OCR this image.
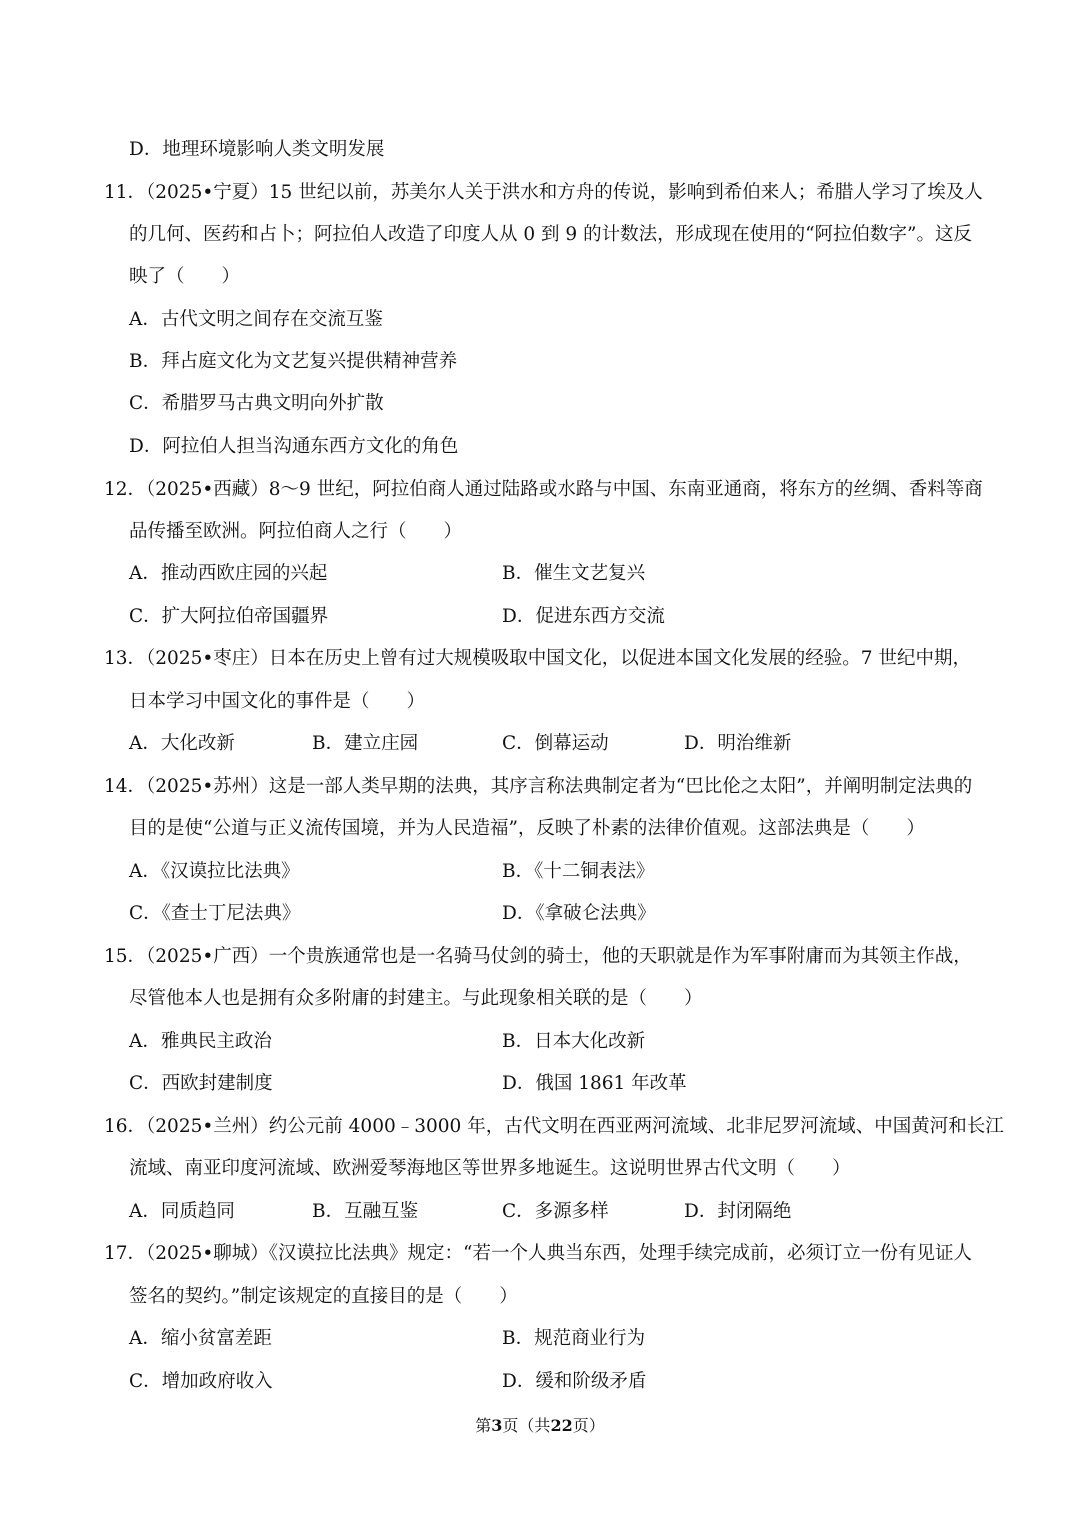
D．地理环境影响人类文明发展
11．（2025•宁夏）15 世纪以前，苏美尔人关于洪水和方舟的传说，影响到希伯来人；希腊人学习了埃及人
的几何、医药和占卜；阿拉伯人改造了印度人从 0 到 9 的计数法，形成现在使用的“阿拉伯数字”。这反
映了（　　）
A．古代文明之间存在交流互鉴
B．拜占庭文化为文艺复兴提供精神营养
C．希腊罗马古典文明向外扩散
D．阿拉伯人担当沟通东西方文化的角色
12．（2025•西藏）8～9 世纪，阿拉伯商人通过陆路或水路与中国、东南亚通商，将东方的丝绸、香料等商
品传播至欧洲。阿拉伯商人之行（　　）
A．推动西欧庄园的兴起	B．催生文艺复兴
C．扩大阿拉伯帝国疆界	D．促进东西方交流
13．（2025•枣庄）日本在历史上曾有过大规模吸取中国文化，以促进本国文化发展的经验。7 世纪中期，
日本学习中国文化的事件是（　　）
A．大化改新	B．建立庄园	C．倒幕运动	D．明治维新
14．（2025•苏州）这是一部人类早期的法典，其序言称法典制定者为“巴比伦之太阳”，并阐明制定法典的
目的是使“公道与正义流传国境，并为人民造福”，反映了朴素的法律价值观。这部法典是（　　）
A．《汉谟拉比法典》	B．《十二铜表法》
C．《查士丁尼法典》	D．《拿破仑法典》
15．（2025•广西）一个贵族通常也是一名骑马仗剑的骑士，他的天职就是作为军事附庸而为其领主作战，
尽管他本人也是拥有众多附庸的封建主。与此现象相关联的是（　　）
A．雅典民主政治	B．日本大化改新
C．西欧封建制度	D．俄国 1861 年改革
16．（2025•兰州）约公元前 4000﹣3000 年，古代文明在西亚两河流域、北非尼罗河流域、中国黄河和长江
流域、南亚印度河流域、欧洲爱琴海地区等世界多地诞生。这说明世界古代文明（　　）
A．同质趋同	B．互融互鉴	C．多源多样	D．封闭隔绝
17．（2025•聊城）《汉谟拉比法典》规定：“若一个人典当东西，处理手续完成前，必须订立一份有见证人
签名的契约。”制定该规定的直接目的是（　　）
A．缩小贫富差距	B．规范商业行为
C．增加政府收入	D．缓和阶级矛盾
第3页（共22页）
